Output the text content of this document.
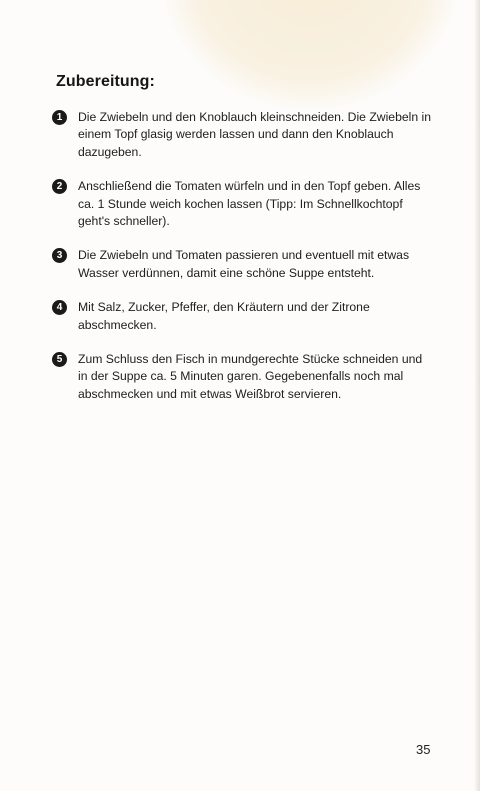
Zubereitung:
1	Die Zwiebeln und den Knoblauch kleinschneiden. Die Zwiebeln in einem Topf glasig werden lassen und dann den Knoblauch dazugeben.
2	Anschließend die Tomaten würfeln und in den Topf geben. Alles ca. 1 Stunde weich kochen lassen (Tipp: Im Schnellkochtopf geht's schneller).
3	Die Zwiebeln und Tomaten passieren und eventuell mit etwas Wasser verdünnen, damit eine schöne Suppe entsteht.
4	Mit Salz, Zucker, Pfeffer, den Kräutern und der Zitrone abschmecken.
5	Zum Schluss den Fisch in mundgerechte Stücke schneiden und in der Suppe ca. 5 Minuten garen. Gegebenenfalls noch mal abschmecken und mit etwas Weißbrot servieren.
35
